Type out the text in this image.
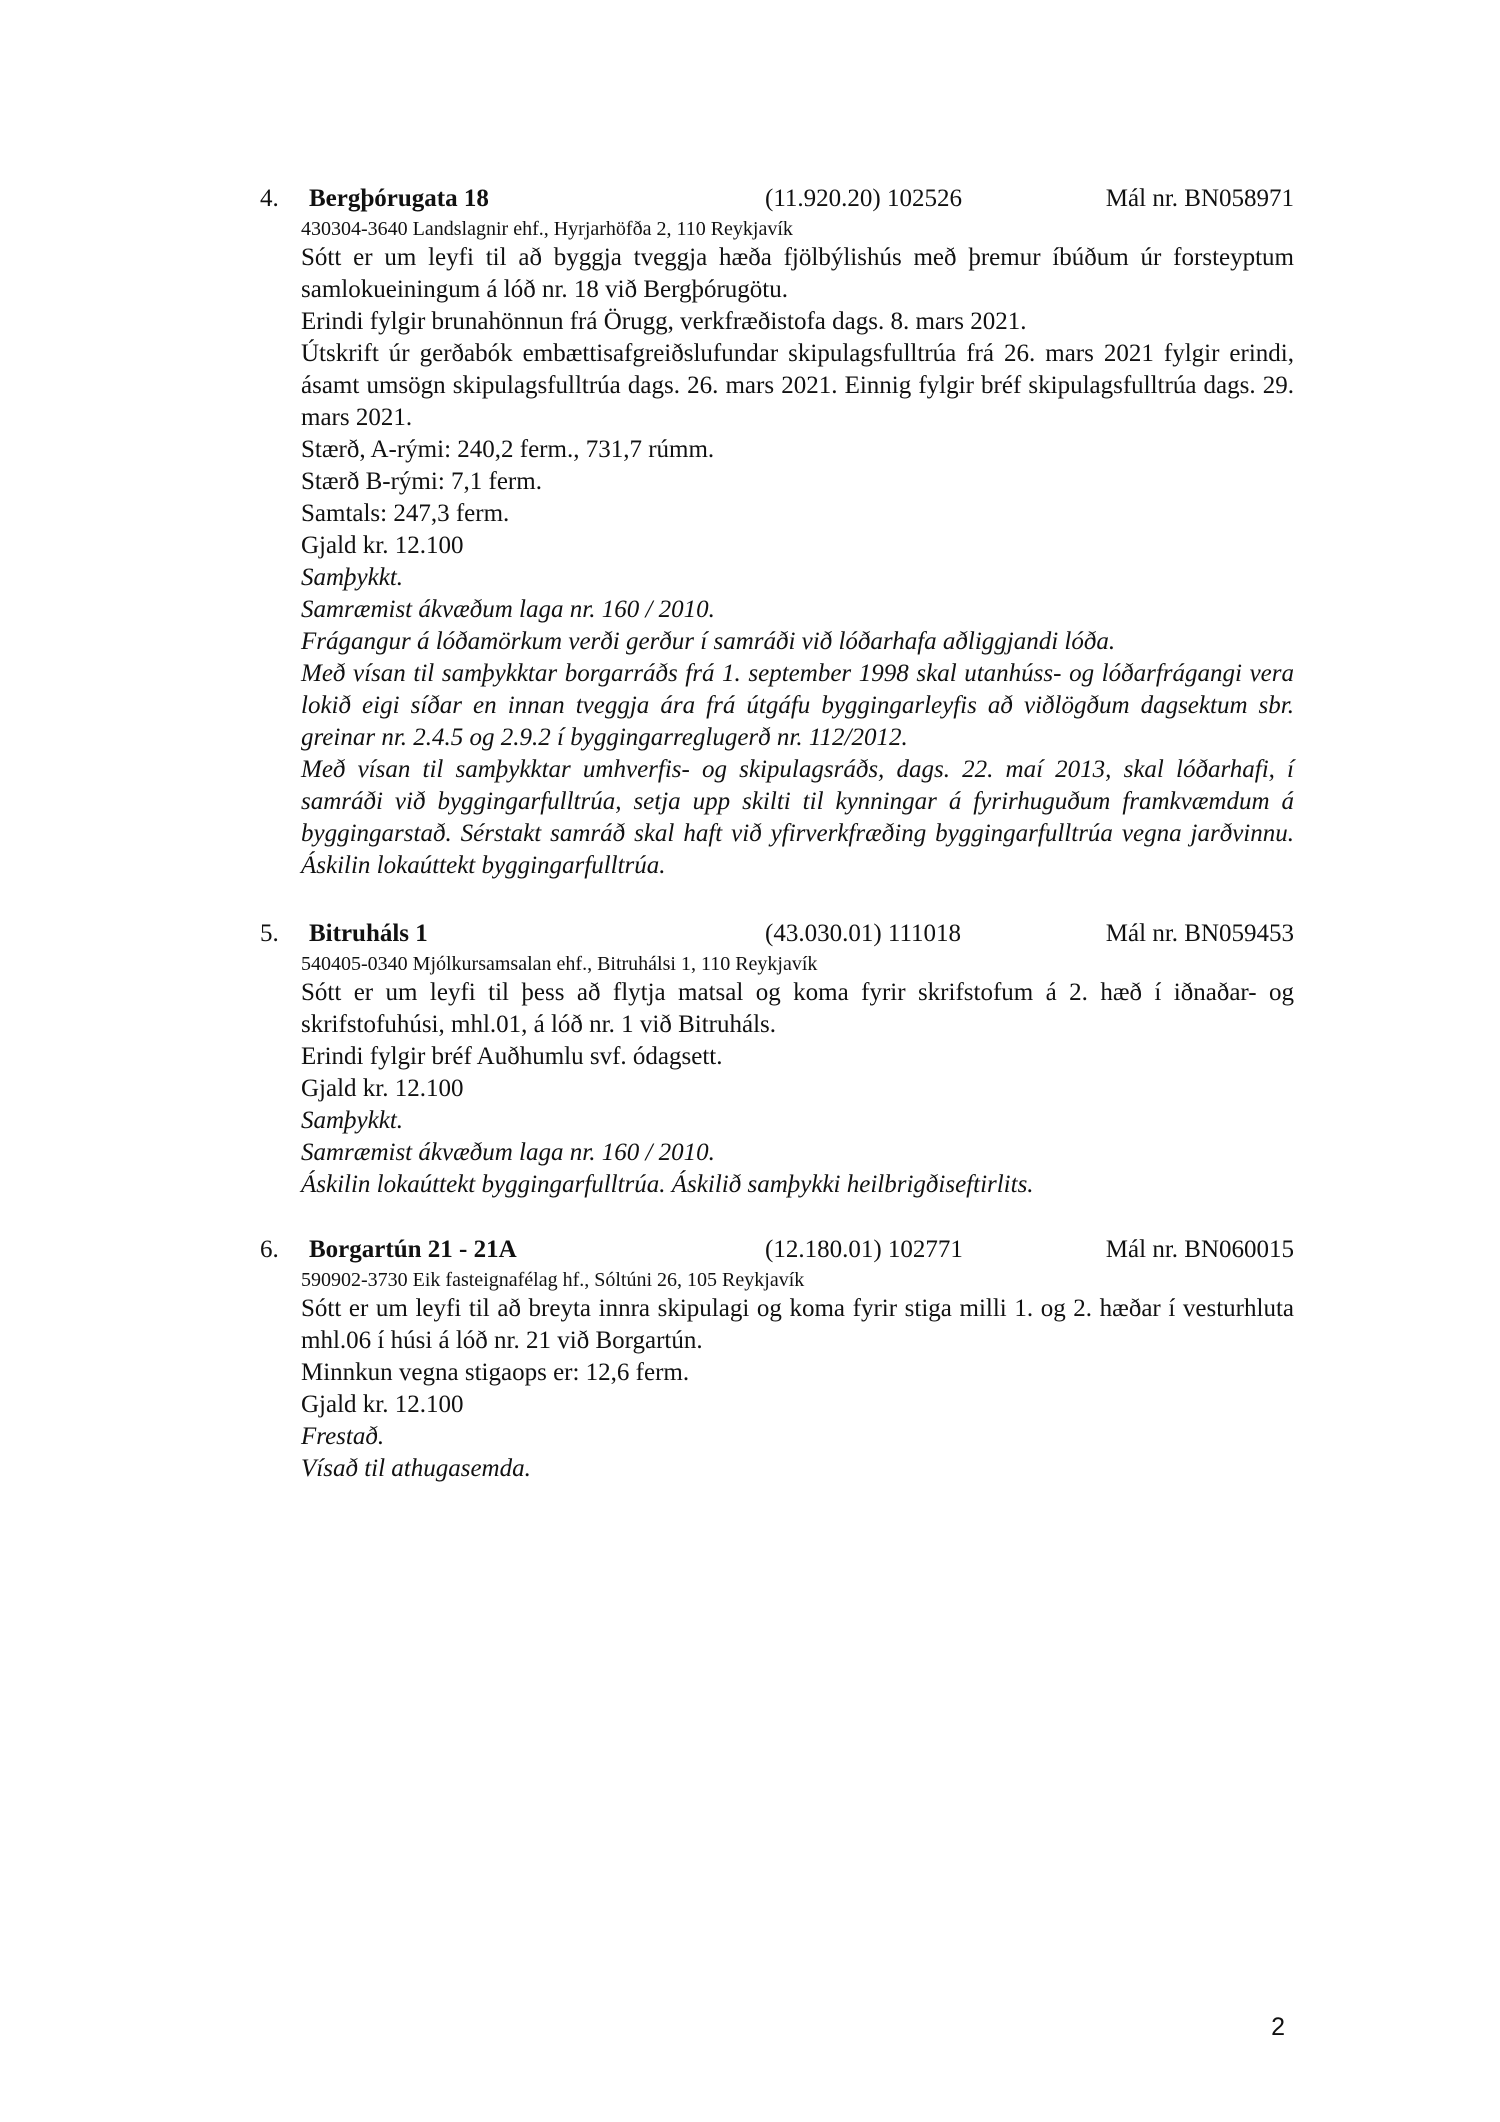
4. Bergþórugata 18	(11.920.20) 102526	Mál nr. BN058971
430304-3640 Landslagnir ehf., Hyrjarhöfða 2, 110 Reykjavík
Sótt er um leyfi til að byggja tveggja hæða fjölbýlishús með þremur íbúðum úr forsteyptum samlokueiningum á lóð nr. 18 við Bergþórugötu.
Erindi fylgir brunahönnun frá Örugg, verkfræðistofa dags. 8. mars 2021.
Útskrift úr gerðabók embættisafgreiðslufundar skipulagsfulltrúa frá 26. mars 2021 fylgir erindi, ásamt umsögn skipulagsfulltrúa dags. 26. mars 2021. Einnig fylgir bréf skipulagsfulltrúa dags. 29. mars 2021.
Stærð, A-rými: 240,2 ferm., 731,7 rúmm.
Stærð B-rými: 7,1 ferm.
Samtals: 247,3 ferm.
Gjald kr. 12.100
Samþykkt.
Samræmist ákvæðum laga nr. 160 / 2010.
Frágangur á lóðamörkum verði gerður í samráði við lóðarhafa aðliggjandi lóða.
Með vísan til samþykktar borgarráðs frá 1. september 1998 skal utanhúss- og lóðarfrágangi vera lokið eigi síðar en innan tveggja ára frá útgáfu byggingarleyfis að viðlögðum dagsektum sbr. greinar nr. 2.4.5 og 2.9.2 í byggingarreglugerð nr. 112/2012.
Með vísan til samþykktar umhverfis- og skipulagsráðs, dags. 22. maí 2013, skal lóðarhafi, í samráði við byggingarfulltrúa, setja upp skilti til kynningar á fyrirhuguðum framkvæmdum á byggingarstað. Sérstakt samráð skal haft við yfirverkfræðing byggingarfulltrúa vegna jarðvinnu. Áskilin lokaúttekt byggingarfulltrúa.
5. Bitruháls 1	(43.030.01) 111018	Mál nr. BN059453
540405-0340 Mjólkursamsalan ehf., Bitruhálsi 1, 110 Reykjavík
Sótt er um leyfi til þess að flytja matsal og koma fyrir skrifstofum á 2. hæð í iðnaðar- og skrifstofuhúsi, mhl.01, á lóð nr. 1 við Bitruháls.
Erindi fylgir bréf Auðhumlu svf. ódagsett.
Gjald kr. 12.100
Samþykkt.
Samræmist ákvæðum laga nr. 160 / 2010.
Áskilin lokaúttekt byggingarfulltrúa. Áskilið samþykki heilbrigðiseftirlits.
6. Borgartún 21 - 21A	(12.180.01) 102771	Mál nr. BN060015
590902-3730 Eik fasteignafélag hf., Sóltúni 26, 105 Reykjavík
Sótt er um leyfi til að breyta innra skipulagi og koma fyrir stiga milli 1. og 2. hæðar í vesturhluta mhl.06 í húsi á lóð nr. 21 við Borgartún.
Minnkun vegna stigaops er: 12,6 ferm.
Gjald kr. 12.100
Frestað.
Vísað til athugasemda.
2
